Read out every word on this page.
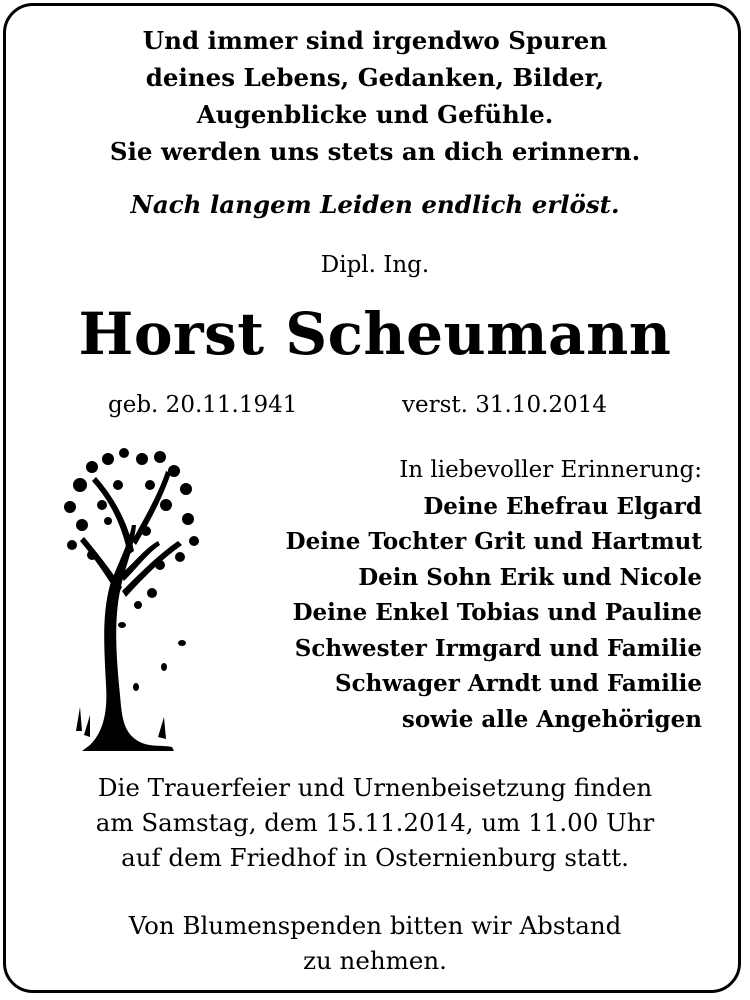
Und immer sind irgendwo Spuren
deines Lebens, Gedanken, Bilder,
Augenblicke und Gefühle.
Sie werden uns stets an dich erinnern.
Nach langem Leiden endlich erlöst.
Dipl. Ing.
Horst Scheumann
geb. 20.11.1941	verst. 31.10.2014
In liebevoller Erinnerung:
Deine Ehefrau Elgard
Deine Tochter Grit und Hartmut
Dein Sohn Erik und Nicole
Deine Enkel Tobias und Pauline
Schwester Irmgard und Familie
Schwager Arndt und Familie
sowie alle Angehörigen
Die Trauerfeier und Urnenbeisetzung finden
am Samstag, dem 15.11.2014, um 11.00 Uhr
auf dem Friedhof in Osternienburg statt.
Von Blumenspenden bitten wir Abstand
zu nehmen.
